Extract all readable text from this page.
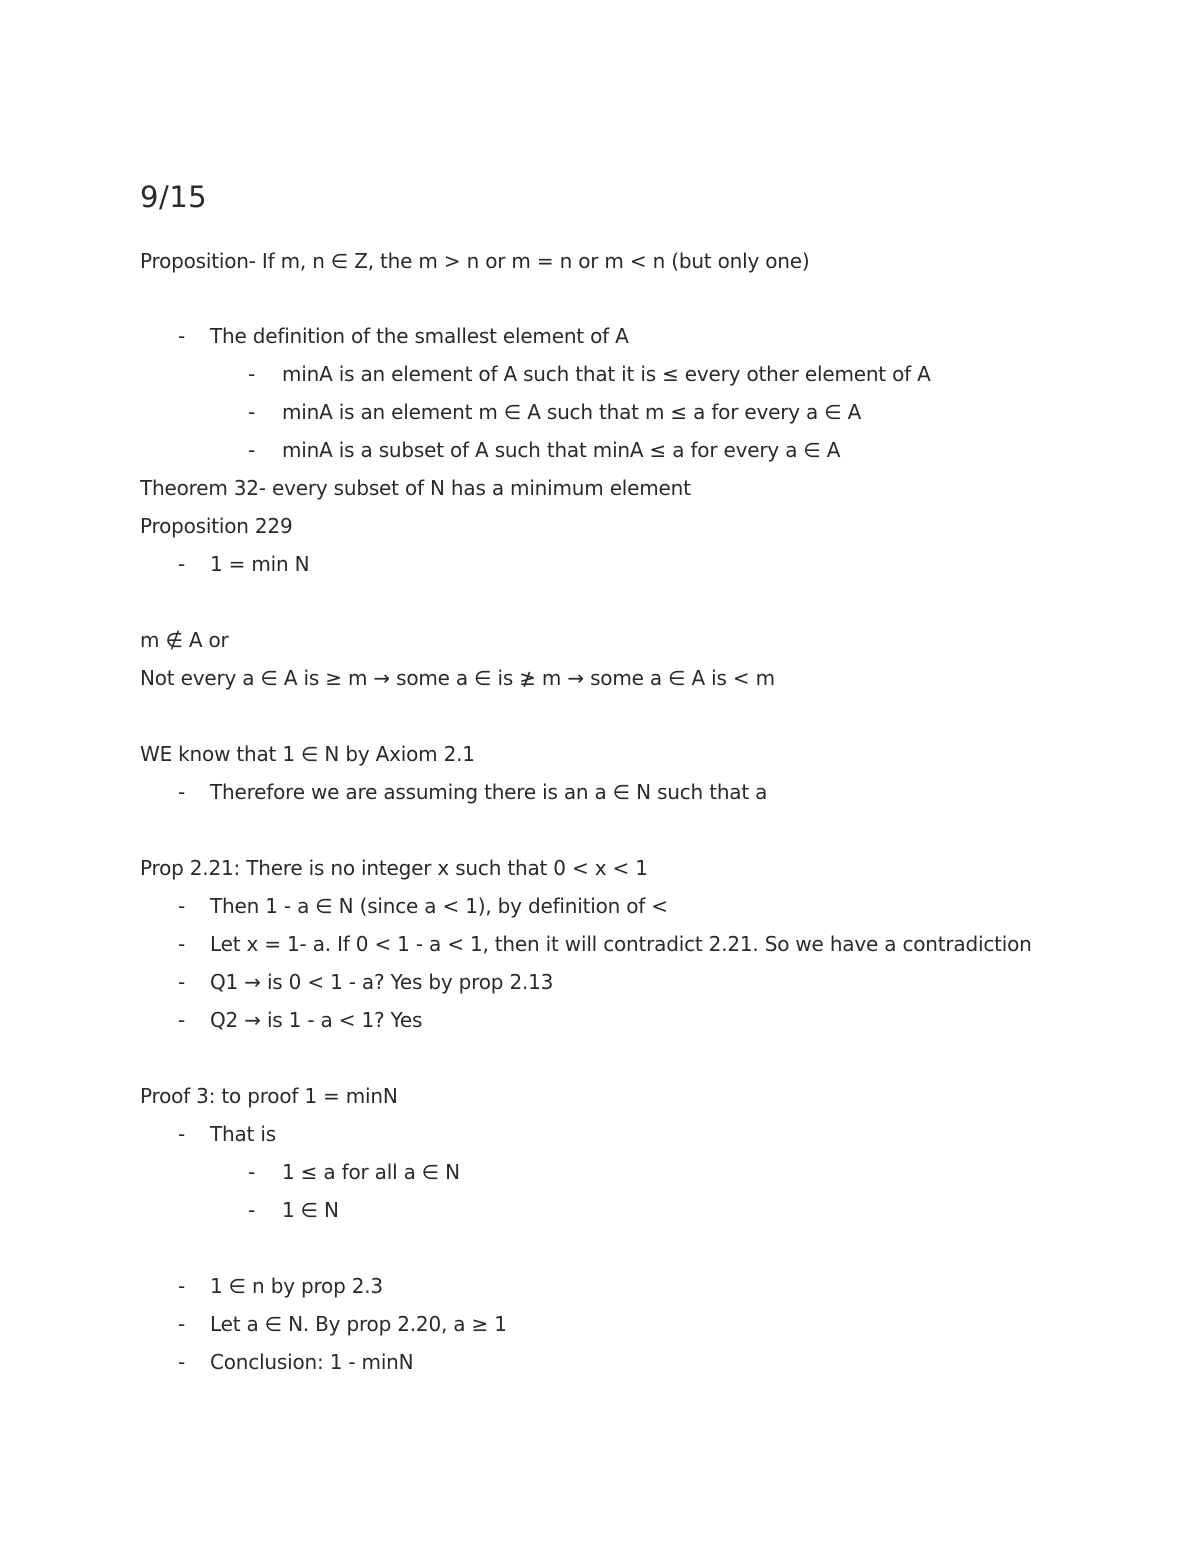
9/15
Proposition- If m, n ∈ Z, the m > n or m = n or m < n (but only one)
- The definition of the smallest element of A
- minA is an element of A such that it is ≤ every other element of A
- minA is an element m ∈ A such that m ≤ a for every a ∈ A
- minA is a subset of A such that minA ≤ a for every a ∈ A
Theorem 32- every subset of N has a minimum element
Proposition 229
- 1 = min N
m ∉ A or
Not every a ∈ A is ≥ m → some a ∈ is ≱ m → some a ∈ A is < m
WE know that 1 ∈ N by Axiom 2.1
- Therefore we are assuming there is an a ∈ N such that a
Prop 2.21: There is no integer x such that 0 < x < 1
- Then 1 - a ∈ N (since a < 1), by definition of <
- Let x = 1- a. If 0 < 1 - a < 1, then it will contradict 2.21. So we have a contradiction
- Q1 → is 0 < 1 - a? Yes by prop 2.13
- Q2 → is 1 - a < 1? Yes
Proof 3: to proof 1 = minN
- That is
- 1 ≤ a for all a ∈ N
- 1 ∈ N
- 1 ∈ n by prop 2.3
- Let a ∈ N. By prop 2.20, a ≥ 1
- Conclusion: 1 - minN
